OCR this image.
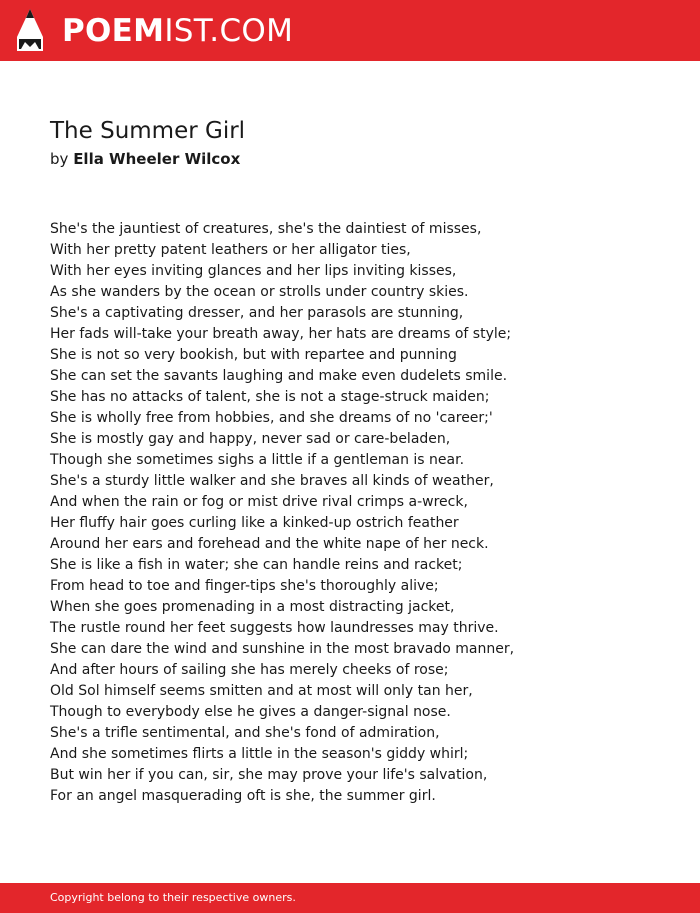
POEMIST.COM
The Summer Girl
by Ella Wheeler Wilcox
She's the jauntiest of creatures, she's the daintiest of misses,
With her pretty patent leathers or her alligator ties,
With her eyes inviting glances and her lips inviting kisses,
As she wanders by the ocean or strolls under country skies.
She's a captivating dresser, and her parasols are stunning,
Her fads will-take your breath away, her hats are dreams of style;
She is not so very bookish, but with repartee and punning
She can set the savants laughing and make even dudelets smile.
She has no attacks of talent, she is not a stage-struck maiden;
She is wholly free from hobbies, and she dreams of no 'career;'
She is mostly gay and happy, never sad or care-beladen,
Though she sometimes sighs a little if a gentleman is near.
She's a sturdy little walker and she braves all kinds of weather,
And when the rain or fog or mist drive rival crimps a-wreck,
Her fluffy hair goes curling like a kinked-up ostrich feather
Around her ears and forehead and the white nape of her neck.
She is like a fish in water; she can handle reins and racket;
From head to toe and finger-tips she's thoroughly alive;
When she goes promenading in a most distracting jacket,
The rustle round her feet suggests how laundresses may thrive.
She can dare the wind and sunshine in the most bravado manner,
And after hours of sailing she has merely cheeks of rose;
Old Sol himself seems smitten and at most will only tan her,
Though to everybody else he gives a danger-signal nose.
She's a trifle sentimental, and she's fond of admiration,
And she sometimes flirts a little in the season's giddy whirl;
But win her if you can, sir, she may prove your life's salvation,
For an angel masquerading oft is she, the summer girl.
Copyright belong to their respective owners.
